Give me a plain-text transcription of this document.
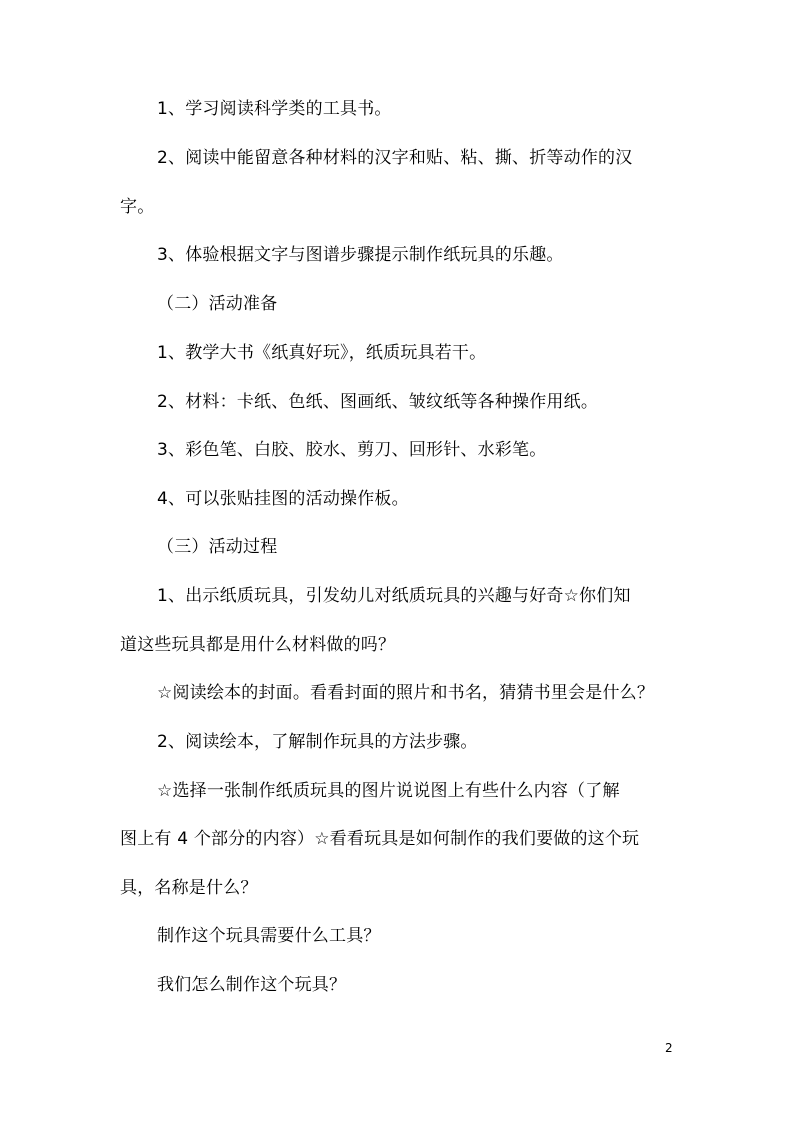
1、学习阅读科学类的工具书。
2、阅读中能留意各种材料的汉字和贴、粘、撕、折等动作的汉
字。
3、体验根据文字与图谱步骤提示制作纸玩具的乐趣。
（二）活动准备
1、教学大书《纸真好玩》，纸质玩具若干。
2、材料：卡纸、色纸、图画纸、皱纹纸等各种操作用纸。
3、彩色笔、白胶、胶水、剪刀、回形针、水彩笔。
4、可以张贴挂图的活动操作板。
（三）活动过程
1、出示纸质玩具，引发幼儿对纸质玩具的兴趣与好奇☆你们知
道这些玩具都是用什么材料做的吗？
☆阅读绘本的封面。看看封面的照片和书名，猜猜书里会是什么？
2、阅读绘本，了解制作玩具的方法步骤。
☆选择一张制作纸质玩具的图片说说图上有些什么内容（了解
图上有 4 个部分的内容）☆看看玩具是如何制作的我们要做的这个玩
具，名称是什么？
制作这个玩具需要什么工具？
我们怎么制作这个玩具？
2
